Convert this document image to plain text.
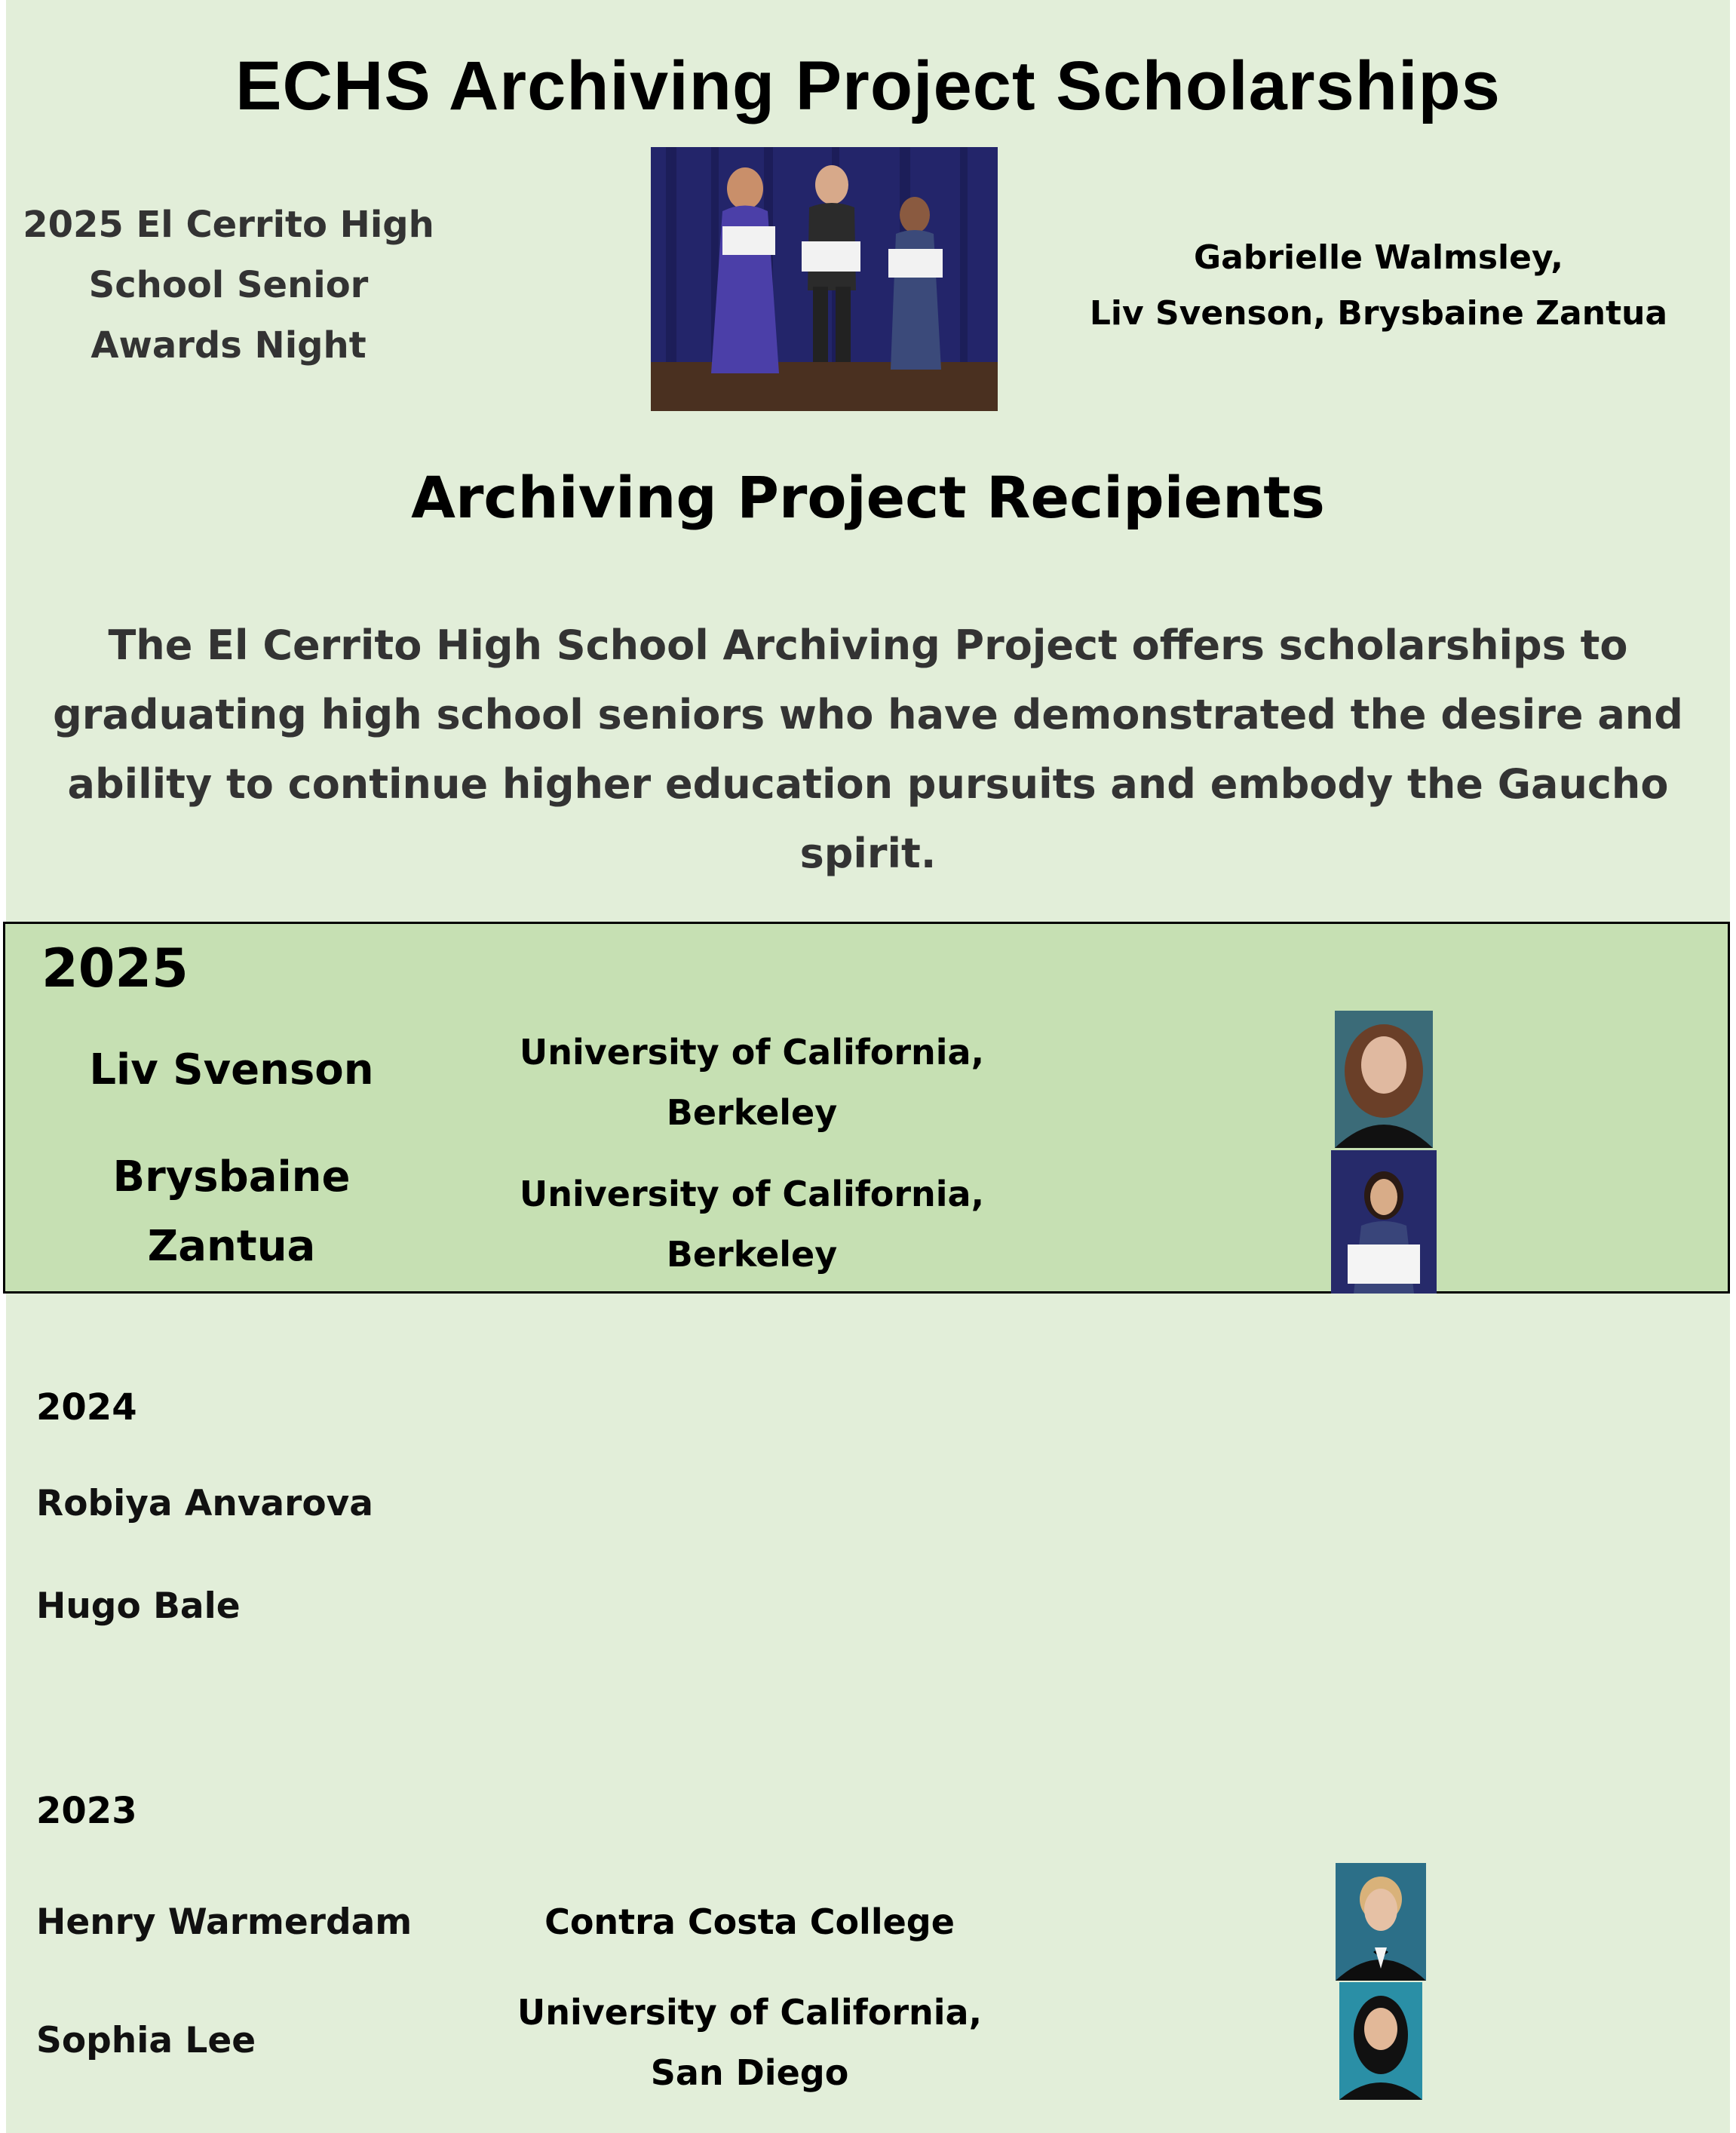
ECHS Archiving Project Scholarships
2025 El Cerrito High
School Senior
Awards Night
Gabrielle Walmsley,
Liv Svenson, Brysbaine Zantua
Archiving Project Recipients
The El Cerrito High School Archiving Project offers scholarships to
graduating high school seniors who have demonstrated the desire and
ability to continue higher education pursuits and embody the Gaucho
spirit.
2025
Liv Svenson	University of California,
Berkeley
Brysbaine
Zantua
University of California,
Berkeley
2024
Robiya Anvarova
Hugo Bale
2023
Henry Warmerdam	Contra Costa College
Sophia Lee
University of California,
San Diego
